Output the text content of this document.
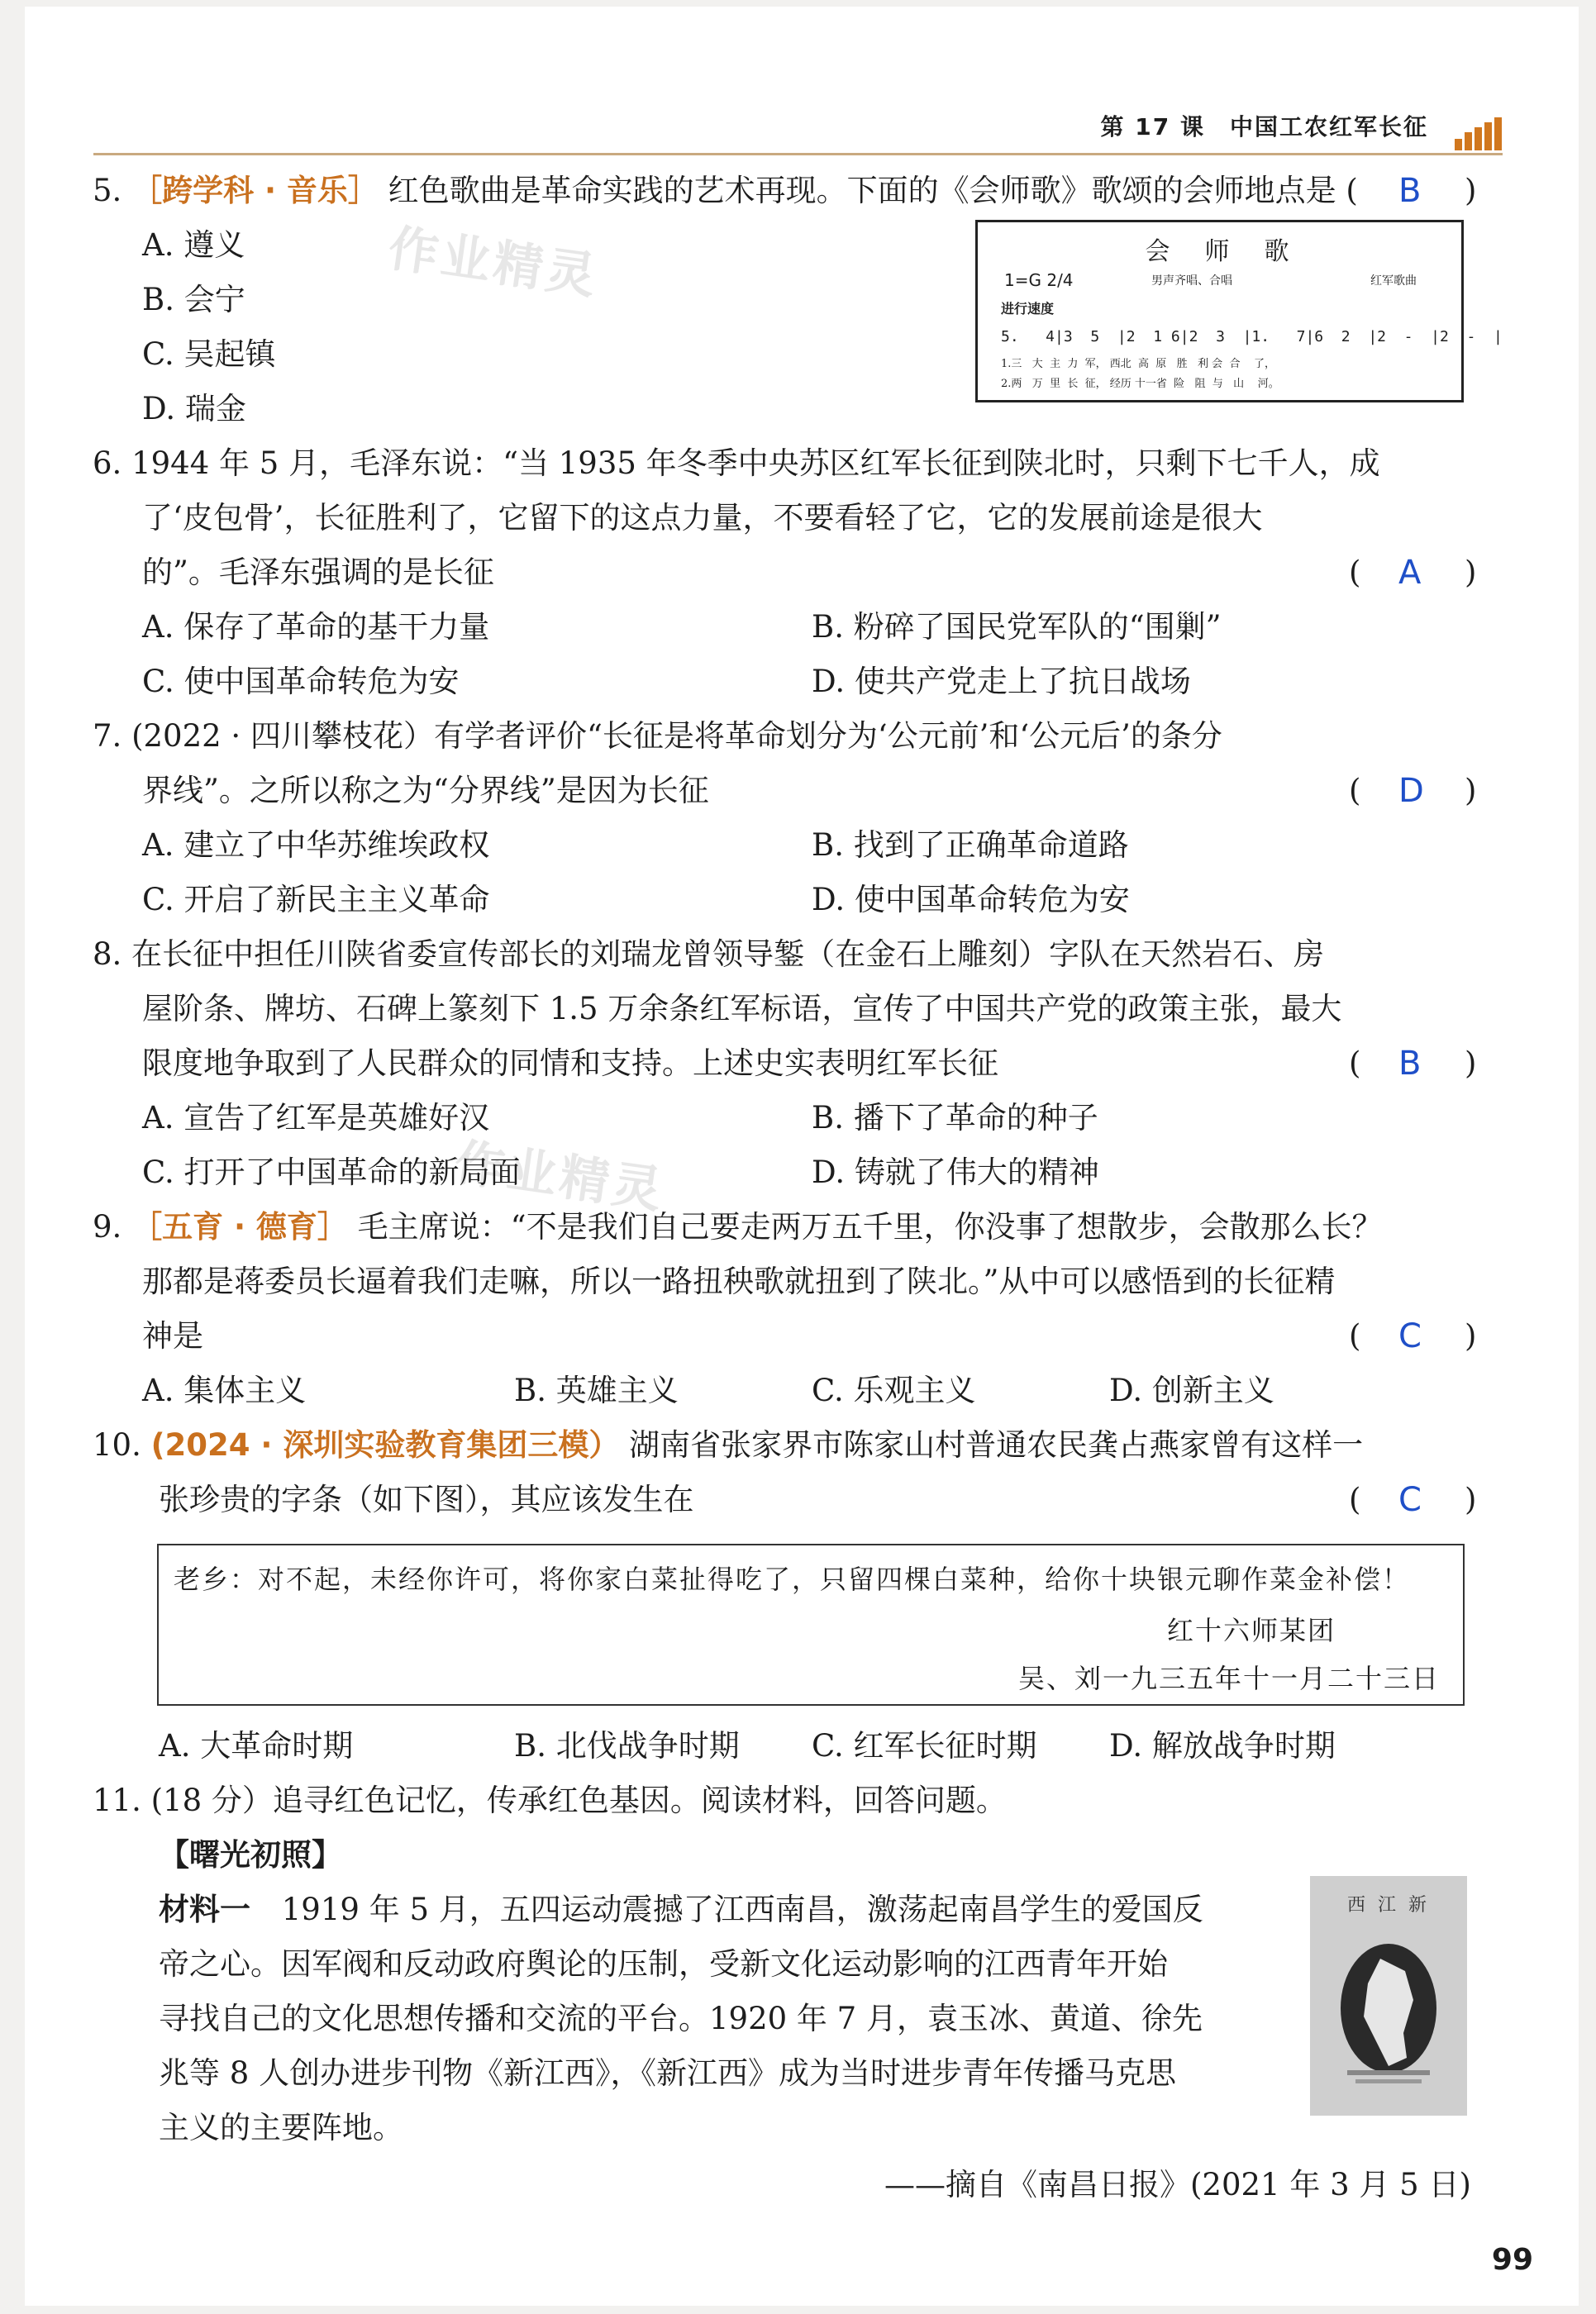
第 17 课　中国工农红军长征
作业精灵
作业精灵
5. ［跨学科 · 音乐］ 红色歌曲是革命实践的艺术再现。下面的《会师歌》歌颂的会师地点是 ( B )
A. 遵义
B. 会宁
C. 吴起镇
D. 瑞金
会　师　歌
1=G 2/4	男声齐唱、合唱	红军歌曲
进行速度
5.   4|3  5  |2  1 6|2  3  |1.   7|6  2  |2  -  |2  -  |
1.三   大  主  力  军， 西北  高  原   胜   利 会  合    了，
2.两   万  里  长  征， 经历 十一省  险   阻  与   山    河。
6. 1944 年 5 月，毛泽东说：“当 1935 年冬季中央苏区红军长征到陕北时，只剩下七千人，成
了‘皮包骨’，长征胜利了，它留下的这点力量，不要看轻了它，它的发展前途是很大
的”。毛泽东强调的是长征	( A )
A. 保存了革命的基干力量	B. 粉碎了国民党军队的“围剿”
C. 使中国革命转危为安	D. 使共产党走上了抗日战场
7. (2022 · 四川攀枝花）有学者评价“长征是将革命划分为‘公元前’和‘公元后’的条分
界线”。之所以称之为“分界线”是因为长征	( D )
A. 建立了中华苏维埃政权	B. 找到了正确革命道路
C. 开启了新民主主义革命	D. 使中国革命转危为安
8. 在长征中担任川陕省委宣传部长的刘瑞龙曾领导錾（在金石上雕刻）字队在天然岩石、房
屋阶条、牌坊、石碑上篆刻下 1.5 万余条红军标语，宣传了中国共产党的政策主张，最大
限度地争取到了人民群众的同情和支持。上述史实表明红军长征	( B )
A. 宣告了红军是英雄好汉	B. 播下了革命的种子
C. 打开了中国革命的新局面	D. 铸就了伟大的精神
9. ［五育 · 德育］ 毛主席说：“不是我们自己要走两万五千里，你没事了想散步，会散那么长？
那都是蒋委员长逼着我们走嘛，所以一路扭秧歌就扭到了陕北。”从中可以感悟到的长征精
神是	( C )
A. 集体主义	B. 英雄主义	C. 乐观主义	D. 创新主义
10. (2024 · 深圳实验教育集团三模） 湖南省张家界市陈家山村普通农民龚占燕家曾有这样一
张珍贵的字条（如下图），其应该发生在	( C )
老乡：对不起，未经你许可，将你家白菜扯得吃了，只留四棵白菜种，给你十块银元聊作菜金补偿！
红十六师某团
吴、刘一九三五年十一月二十三日
A. 大革命时期	B. 北伐战争时期 C. 红军长征时期 D. 解放战争时期
11. (18 分）追寻红色记忆，传承红色基因。阅读材料，回答问题。
【曙光初照】
材料一 1919 年 5 月，五四运动震撼了江西南昌，激荡起南昌学生的爱国反
帝之心。因军阀和反动政府舆论的压制，受新文化运动影响的江西青年开始
寻找自己的文化思想传播和交流的平台。1920 年 7 月，袁玉冰、黄道、徐先
兆等 8 人创办进步刊物《新江西》，《新江西》成为当时进步青年传播马克思
主义的主要阵地。
西 江 新
——摘自《南昌日报》(2021 年 3 月 5 日)
99
